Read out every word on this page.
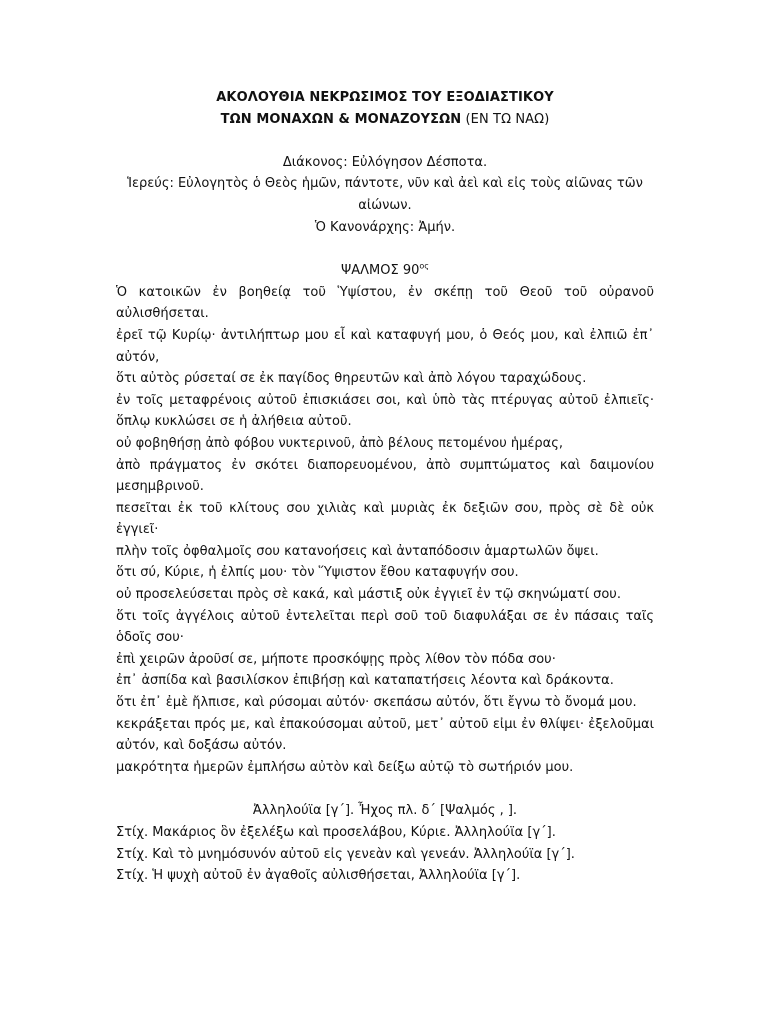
ΑΚΟΛΟΥΘΙΑ ΝΕΚΡΩΣΙΜΟΣ ΤΟΥ ΕΞΟΔΙΑΣΤΙΚΟΥ

ΤΩΝ ΜΟΝΑΧΩΝ & ΜΟΝΑΖΟΥΣΩΝ (ΕΝ ΤΩ ΝΑΩ)

Διάκονος: Εὐλόγησον Δέσποτα.

Ἱερεύς: Εὐλογητὸς ὁ Θεὸς ἡμῶν, πάντοτε, νῦν καὶ ἀεὶ καὶ εἰς τοὺς αἰῶνας τῶν αἰώνων.

Ὁ Κανονάρχης: Ἀμήν.

ΨΑΛΜΟΣ $90^{o\varsigma}$

Ὁ κατοικῶν ἐν βοηθείᾳ τοῦ Ὑψίστου, ἐν σκέπῃ τοῦ Θεοῦ τοῦ οὐρανοῦ αὐλισθήσεται.

ἐρεῖ τῷ Κυρίῳ· ἀντιλήπτωρ μου εἶ καὶ καταφυγή μου, ὁ Θεός μου, καὶ ἐλπιῶ ἐπ᾿ αὐτόν,

ὅτι αὐτὸς ρύσεταί σε ἐκ παγίδος θηρευτῶν καὶ ἀπὸ λόγου ταραχώδους.

ἐν τοῖς μεταφρένοις αὐτοῦ ἐπισκιάσει σοι, καὶ ὑπὸ τὰς πτέρυγας αὐτοῦ ἐλπιεῖς· ὅπλῳ κυκλώσει σε ἡ ἀλήθεια αὐτοῦ.

οὐ φοβηθήσῃ ἀπὸ φόβου νυκτερινοῦ, ἀπὸ βέλους πετομένου ἡμέρας,

ἀπὸ πράγματος ἐν σκότει διαπορευομένου, ἀπὸ συμπτώματος καὶ δαιμονίου μεσημβρινοῦ.

πεσεῖται ἐκ τοῦ κλίτους σου χιλιὰς καὶ μυριὰς ἐκ δεξιῶν σου, πρὸς σὲ δὲ οὐκ ἐγγιεῖ·

πλὴν τοῖς ὀφθαλμοῖς σου κατανοήσεις καὶ ἀνταπόδοσιν ἁμαρτωλῶν ὄψει.

ὅτι σύ, Κύριε, ἡ ἐλπίς μου· τὸν Ὕψιστον ἔθου καταφυγήν σου.

οὐ προσελεύσεται πρὸς σὲ κακά, καὶ μάστιξ οὐκ ἐγγιεῖ ἐν τῷ σκηνώματί σου.

ὅτι τοῖς ἀγγέλοις αὐτοῦ ἐντελεῖται περὶ σοῦ τοῦ διαφυλάξαι σε ἐν πάσαις ταῖς ὁδοῖς σου·

ἐπὶ χειρῶν ἀροῦσί σε, μήποτε προσκόψῃς πρὸς λίθον τὸν πόδα σου·

ἐπ᾿ ἀσπίδα καὶ βασιλίσκον ἐπιβήσῃ καὶ καταπατήσεις λέοντα καὶ δράκοντα.

ὅτι ἐπ᾿ ἐμὲ ἤλπισε, καὶ ρύσομαι αὐτόν· σκεπάσω αὐτόν, ὅτι ἔγνω τὸ ὄνομά μου.

κεκράξεται πρός με, καὶ ἐπακούσομαι αὐτοῦ, μετ᾿ αὐτοῦ εἰμι ἐν θλίψει· ἐξελοῦμαι αὐτόν, καὶ δοξάσω αὐτόν.

μακρότητα ἡμερῶν ἐμπλήσω αὐτὸν καὶ δείξω αὐτῷ τὸ σωτήριόν μου.

Ἀλληλούϊα [γ΄]. Ἦχος πλ. δ΄ [Ψαλμός , ].

Στίχ. Μακάριος ὃν ἐξελέξω καὶ προσελάβου, Κύριε. Ἀλληλούϊα [γ΄].

Στίχ. Καὶ τὸ μνημόσυνόν αὐτοῦ εἰς γενεὰν καὶ γενεάν. Ἀλληλούϊα [γ΄].

Στίχ. Ἡ ψυχὴ αὐτοῦ ἐν ἀγαθοῖς αὐλισθήσεται, Ἀλληλούϊα [γ΄].
